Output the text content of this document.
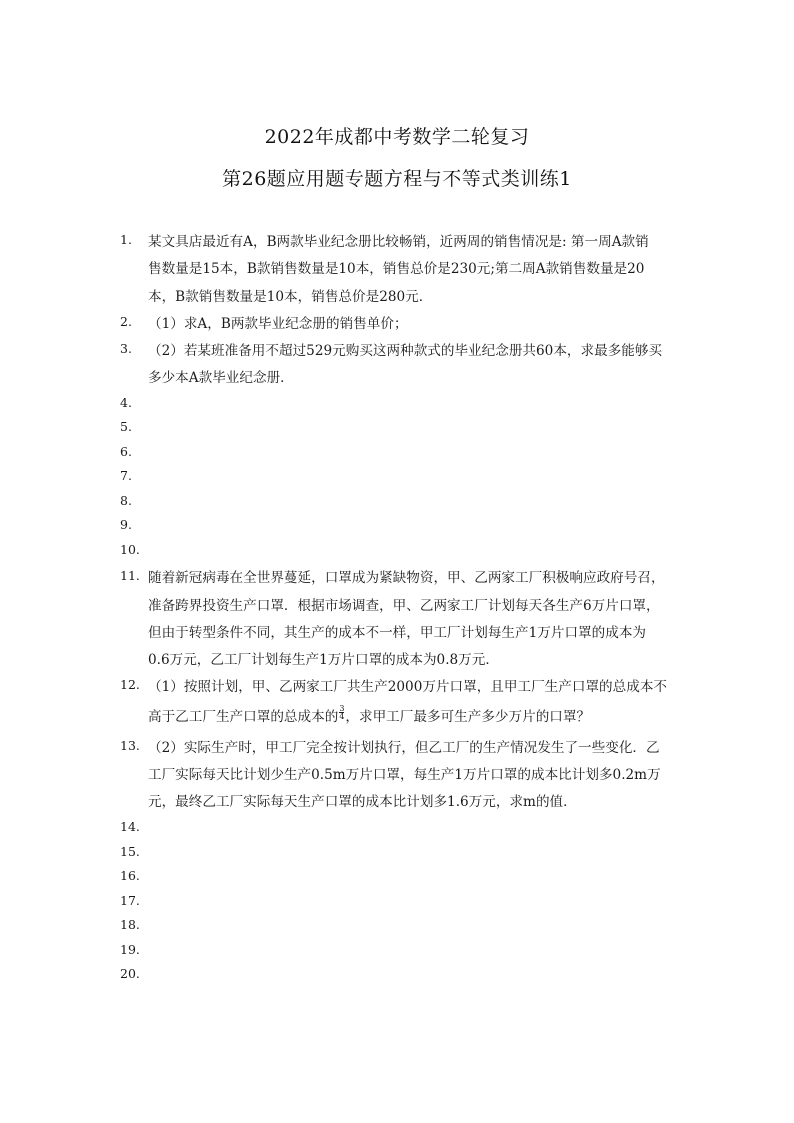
2022年成都中考数学二轮复习
第26题应用题专题方程与不等式类训练1
1.
2.
3.
4.
5.
6.
7.
8.
9.
10.
11.
12.
13.
14.
15.
16.
17.
18.
19.
20.
某文具店最近有A，B两款毕业纪念册比较畅销，近两周的销售情况是: 第一周A款销
售数量是15本，B款销售数量是10本，销售总价是230元;第二周A款销售数量是20
本，B款销售数量是10本，销售总价是280元．
（1）求A，B两款毕业纪念册的销售单价；
（2）若某班准备用不超过529元购买这两种款式的毕业纪念册共60本，求最多能够买
多少本A款毕业纪念册．
随着新冠病毒在全世界蔓延，口罩成为紧缺物资，甲、乙两家工厂积极响应政府号召，
准备跨界投资生产口罩．根据市场调查，甲、乙两家工厂计划每天各生产6万片口罩，
但由于转型条件不同，其生产的成本不一样，甲工厂计划每生产1万片口罩的成本为
0.6万元，乙工厂计划每生产1万片口罩的成本为0.8万元．
（1）按照计划，甲、乙两家工厂共生产2000万片口罩，且甲工厂生产口罩的总成本不
高于乙工厂生产口罩的总成本的 $\frac{3}{4}$ ，求甲工厂最多可生产多少万片的口罩？
（2）实际生产时，甲工厂完全按计划执行，但乙工厂的生产情况发生了一些变化．乙
工厂实际每天比计划少生产0.5m万片口罩，每生产1万片口罩的成本比计划多0.2m万
元，最终乙工厂实际每天生产口罩的成本比计划多1.6万元，求m的值．
